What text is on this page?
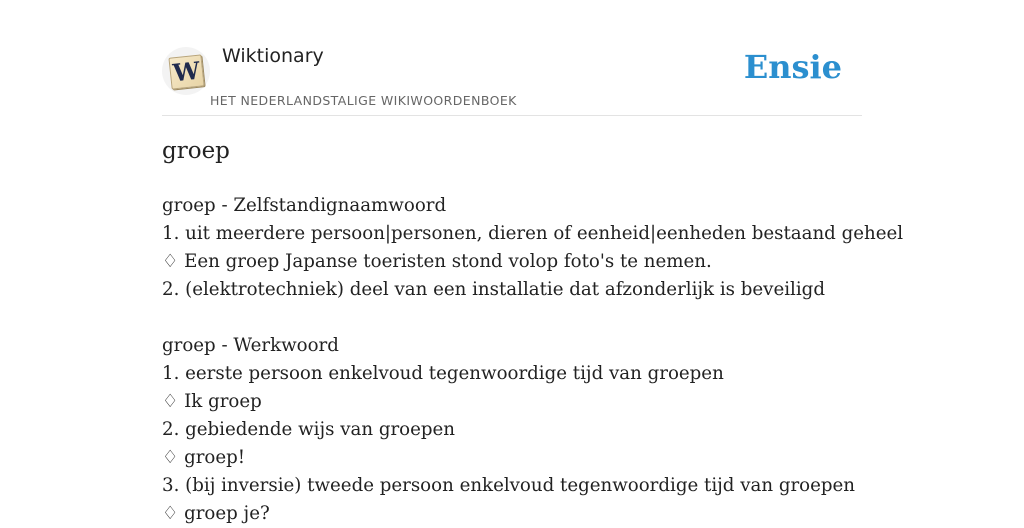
W Wiktionary
HET NEDERLANDSTALIGE WIKIWOORDENBOEK
Ensie
groep
groep - Zelfstandignaamwoord
1. uit meerdere persoon|personen, dieren of eenheid|eenheden bestaand geheel
♢ Een groep Japanse toeristen stond volop foto's te nemen.
2. (elektrotechniek) deel van een installatie dat afzonderlijk is beveiligd
groep - Werkwoord
1. eerste persoon enkelvoud tegenwoordige tijd van groepen
♢ Ik groep
2. gebiedende wijs van groepen
♢ groep!
3. (bij inversie) tweede persoon enkelvoud tegenwoordige tijd van groepen
♢ groep je?
